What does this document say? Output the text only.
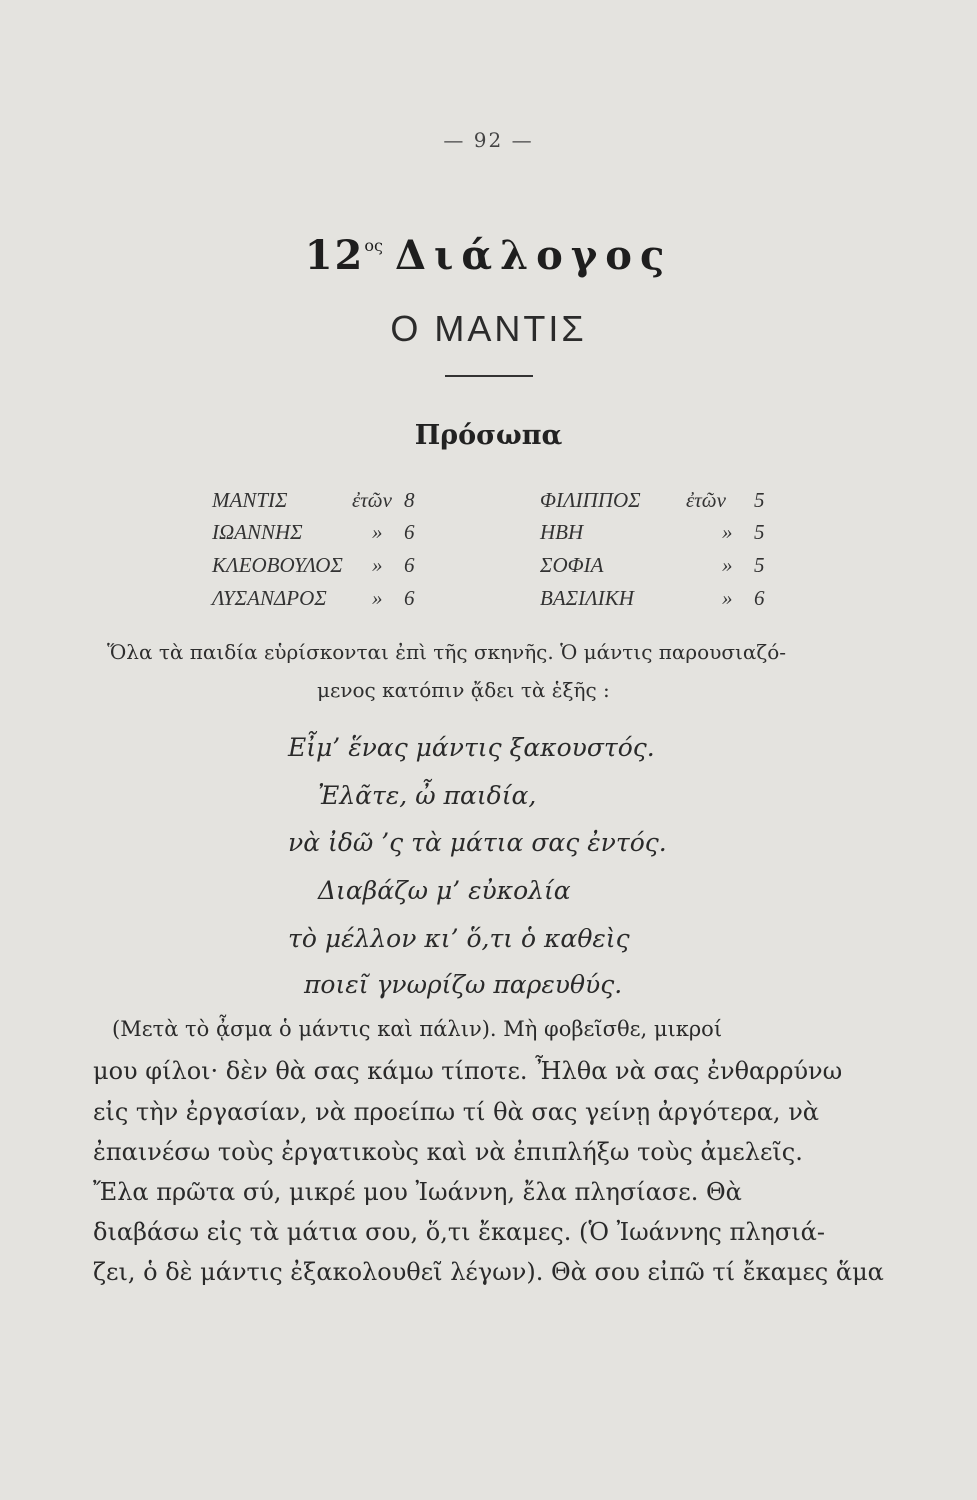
— 92 —
$12^{o\varsigma}$ Διάλογος
Ο ΜΑΝΤΙΣ
Πρόσωπα
ΜΑΝΤΙΣ	ἐτῶν 8
ΙΩΑΝΝΗΣ	» 6
ΚΛΕΟΒΟΥΛΟΣ » 6
ΛΥΣΑΝΔΡΟΣ » 6
ΦΙΛΙΠΠΟΣ ἐτῶν 5
ΗΒΗ	» 5
ΣΟΦΙΑ	» 5
ΒΑΣΙΛΙΚΗ	» 6
Ὅλα τὰ παιδία εὑρίσκονται ἐπὶ τῆς σκηνῆς. Ὁ μάντις παρουσιαζό-
μενος κατόπιν ᾄδει τὰ ἑξῆς :
Εἶμ’ ἕνας μάντις ξακουστός.
Ἐλᾶτε, ὦ παιδία,
νὰ ἰδῶ ’ς τὰ μάτια σας ἐντός.
Διαβάζω μ’ εὐκολία
τὸ μέλλον κι’ ὅ,τι ὁ καθεὶς
ποιεῖ γνωρίζω παρευθύς.
(Μετὰ τὸ ᾆσμα ὁ μάντις καὶ πάλιν). Μὴ φοβεῖσθε, μικροί
μου φίλοι· δὲν θὰ σας κάμω τίποτε. Ἦλθα νὰ σας ἐνθαρρύνω
εἰς τὴν ἐργασίαν, νὰ προείπω τί θὰ σας γείνῃ ἀργότερα, νὰ
ἐπαινέσω τοὺς ἐργατικοὺς καὶ νὰ ἐπιπλήξω τοὺς ἀμελεῖς.
Ἔλα πρῶτα σύ, μικρέ μου Ἰωάννη, ἔλα πλησίασε. Θὰ
διαβάσω εἰς τὰ μάτια σου, ὅ,τι ἔκαμες. (Ὁ Ἰωάννης πλησιά-
ζει, ὁ δὲ μάντις ἐξακολουθεῖ λέγων). Θὰ σου εἰπῶ τί ἔκαμες ἅμα
